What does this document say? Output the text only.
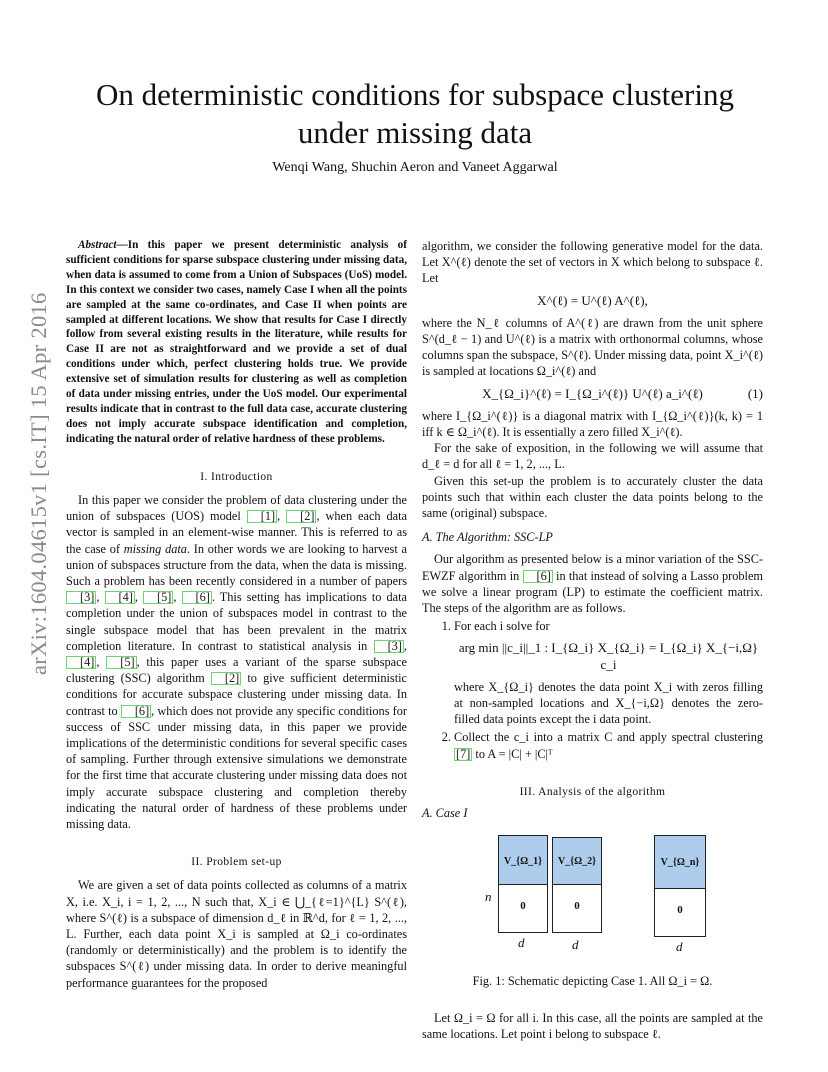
arXiv:1604.04615v1 [cs.IT] 15 Apr 2016
On deterministic conditions for subspace clustering
under missing data
Wenqi Wang, Shuchin Aeron and Vaneet Aggarwal

Abstract—In this paper we present deterministic analysis of sufficient conditions for sparse subspace clustering under missing data, when data is assumed to come from a Union of Subspaces (UoS) model. In this context we consider two cases, namely Case I when all the points are sampled at the same co-ordinates, and Case II when points are sampled at different locations. We show that results for Case I directly follow from several existing results in the literature, while results for Case II are not as straightforward and we provide a set of dual conditions under which, perfect clustering holds true. We provide extensive set of simulation results for clustering as well as completion of data under missing entries, under the UoS model. Our experimental results indicate that in contrast to the full data case, accurate clustering does not imply accurate subspace identification and completion, indicating the natural order of relative hardness of these problems.

I. Introduction

In this paper we consider the problem of data clustering under the union of subspaces (UOS) model [1] , [2] , when each data vector is sampled in an element-wise manner. This is referred to as the case of missing data. In other words we are looking to harvest a union of subspaces structure from the data, when the data is missing. Such a problem has been recently considered in a number of papers [3] , [4] , [5] , [6] . This setting has implications to data completion under the union of subspaces model in contrast to the single subspace model that has been prevalent in the matrix completion literature. In contrast to statistical analysis in [3] , [4] , [5] , this paper uses a variant of the sparse subspace clustering (SSC) algorithm [2] to give sufficient deterministic conditions for accurate subspace clustering under missing data. In contrast to [6] , which does not provide any specific conditions for success of SSC under missing data, in this paper we provide implications of the deterministic conditions for several specific cases of sampling. Further through extensive simulations we demonstrate for the first time that accurate clustering under missing data does not imply accurate subspace clustering and completion thereby indicating the natural order of hardness of these problems under missing data.

II. Problem set-up

We are given a set of data points collected as columns of a matrix X, i.e. X_i, i = 1, 2, ..., N such that, X_i ∈ ⋃_{ℓ=1}^{L} S^(ℓ), where S^(ℓ) is a subspace of dimension d_ℓ in ℝ^d, for ℓ = 1, 2, ..., L. Further, each data point X_i is sampled at Ω_i co-ordinates (randomly or deterministically) and the problem is to identify the subspaces S^(ℓ) under missing data. In order to derive meaningful performance guarantees for the proposed

algorithm, we consider the following generative model for the data. Let X^(ℓ) denote the set of vectors in X which belong to subspace ℓ. Let

X^(ℓ) = U^(ℓ) A^(ℓ),

where the N_ℓ columns of A^(ℓ) are drawn from the unit sphere S^(d_ℓ − 1) and U^(ℓ) is a matrix with orthonormal columns, whose columns span the subspace, S^(ℓ). Under missing data, point X_i^(ℓ) is sampled at locations Ω_i^(ℓ) and

X_{Ω_i}^(ℓ) = I_{Ω_i^(ℓ)} U^(ℓ) a_i^(ℓ)	(1)

where I_{Ω_i^(ℓ)} is a diagonal matrix with I_{Ω_i^(ℓ)}(k, k) = 1 iff k ∈ Ω_i^(ℓ). It is essentially a zero filled X_i^(ℓ).

For the sake of exposition, in the following we will assume that d_ℓ = d for all ℓ = 1, 2, ..., L.

Given this set-up the problem is to accurately cluster the data points such that within each cluster the data points belong to the same (original) subspace.

A. The Algorithm: SSC-LP

Our algorithm as presented below is a minor variation of the SSC-EWZF algorithm in [6] in that instead of solving a Lasso problem we solve a linear program (LP) to estimate the coefficient matrix. The steps of the algorithm are as follows.

1. For each i solve for
arg min ||c_i||_1 : I_{Ω_i} X_{Ω_i} = I_{Ω_i} X_{−i,Ω} c_i
where X_{Ω_i} denotes the data point X_i with zeros filling at non-sampled locations and X_{−i,Ω} denotes the zero-filled data points except the i data point.
2. Collect the c_i into a matrix C and apply spectral clustering [7] to A = |C| + |C|ᵀ
III. Analysis of the algorithm
A. Case I
n
V_{Ω_1}
0
V_{Ω_2}
0
V_{Ω_n}
0
d	d	d
Fig. 1: Schematic depicting Case 1. All Ω_i = Ω.

Let Ω_i = Ω for all i. In this case, all the points are sampled at the same locations. Let point i belong to subspace ℓ.
